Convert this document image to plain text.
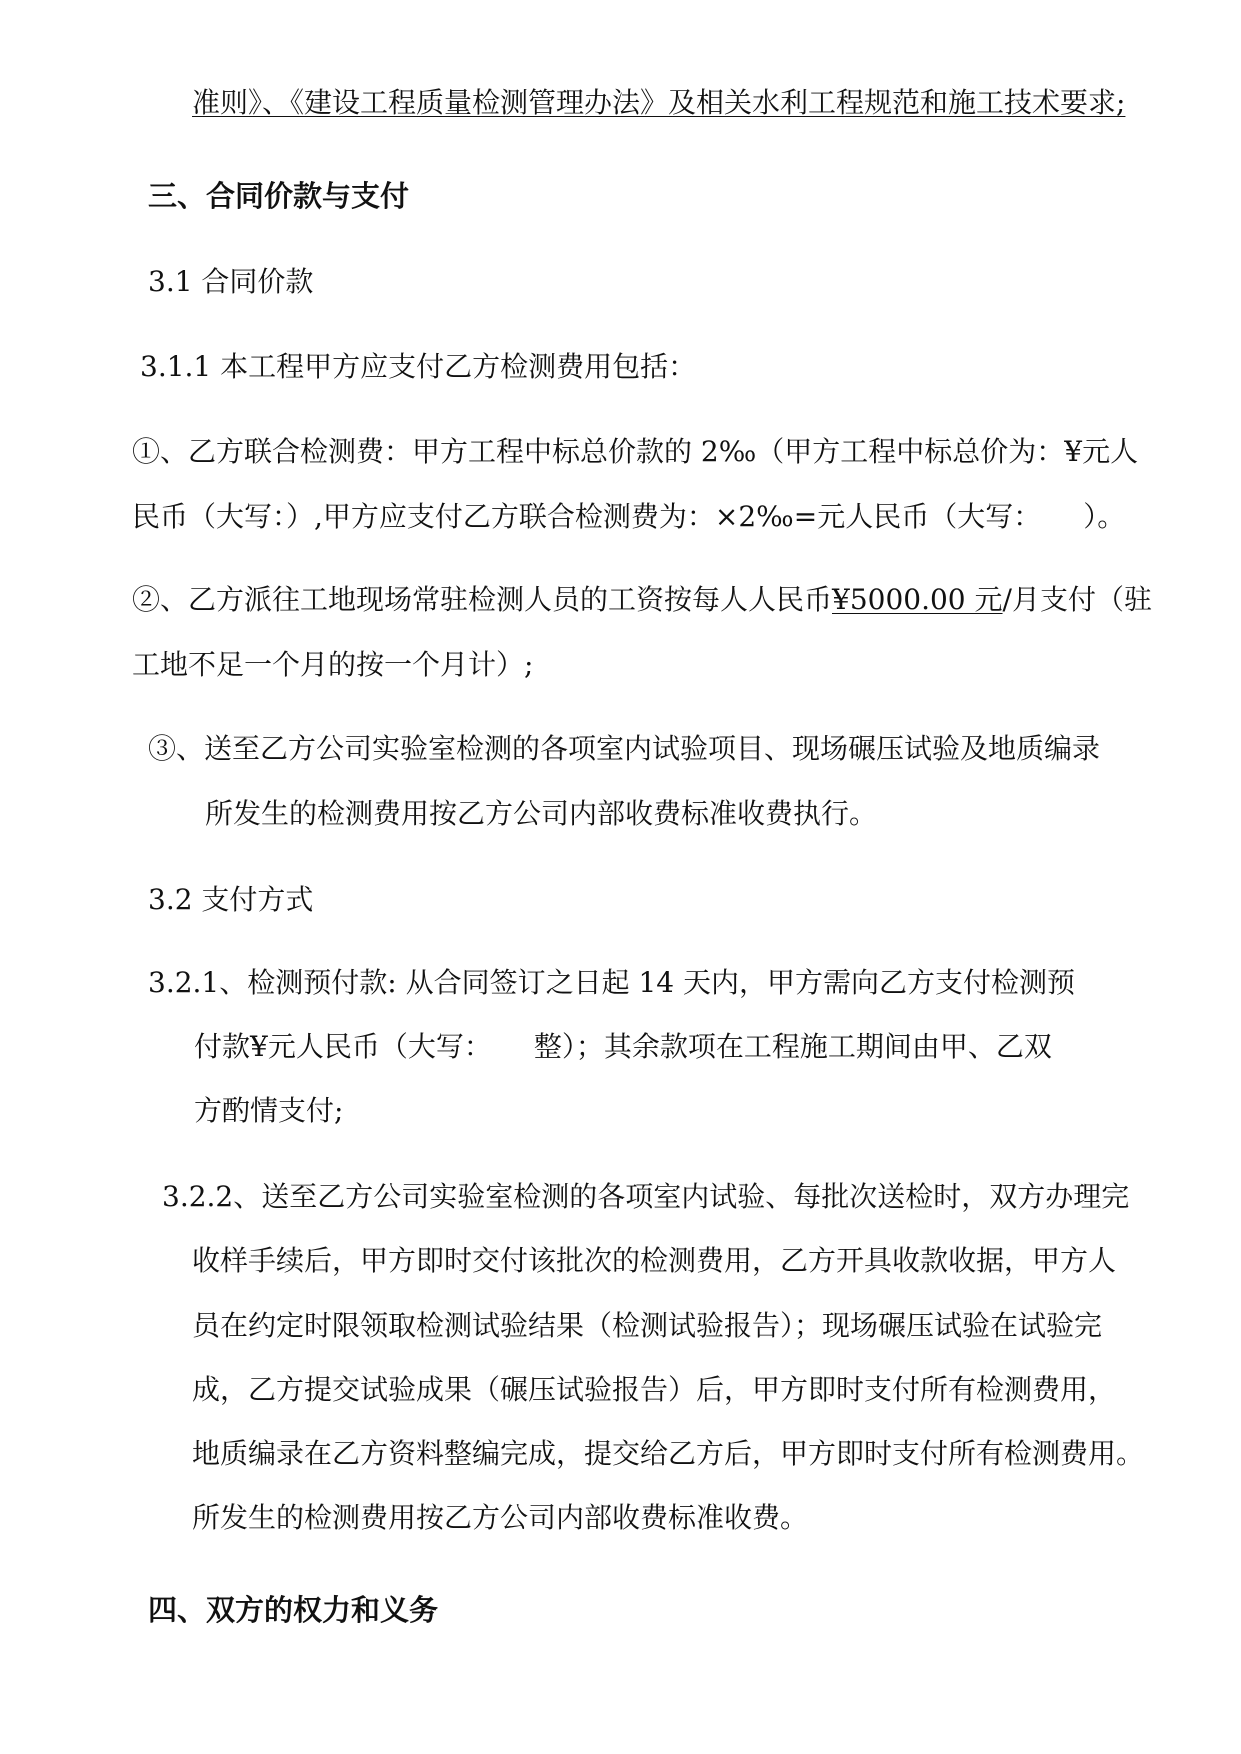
准则》、《建设工程质量检测管理办法》及相关水利工程规范和施工技术要求;
三、合同价款与支付
3.1 合同价款
3.1.1 本工程甲方应支付乙方检测费用包括：
①、乙方联合检测费：甲方工程中标总价款的 2‰（甲方工程中标总价为：¥元人
民币（大写：）,甲方应支付乙方联合检测费为：×2‰=元人民币（大写：　　）。
②、乙方派往工地现场常驻检测人员的工资按每人人民币¥5000.00 元/月支付（驻
工地不足一个月的按一个月计）;
③、送至乙方公司实验室检测的各项室内试验项目、现场碾压试验及地质编录
所发生的检测费用按乙方公司内部收费标准收费执行。
3.2 支付方式
3.2.1、检测预付款: 从合同签订之日起 14 天内，甲方需向乙方支付检测预
付款¥元人民币（大写：　　整）；其余款项在工程施工期间由甲、乙双
方酌情支付;
3.2.2、送至乙方公司实验室检测的各项室内试验、每批次送检时，双方办理完
收样手续后，甲方即时交付该批次的检测费用，乙方开具收款收据，甲方人
员在约定时限领取检测试验结果（检测试验报告）；现场碾压试验在试验完
成，乙方提交试验成果（碾压试验报告）后，甲方即时支付所有检测费用，
地质编录在乙方资料整编完成，提交给乙方后，甲方即时支付所有检测费用。
所发生的检测费用按乙方公司内部收费标准收费。
四、双方的权力和义务
